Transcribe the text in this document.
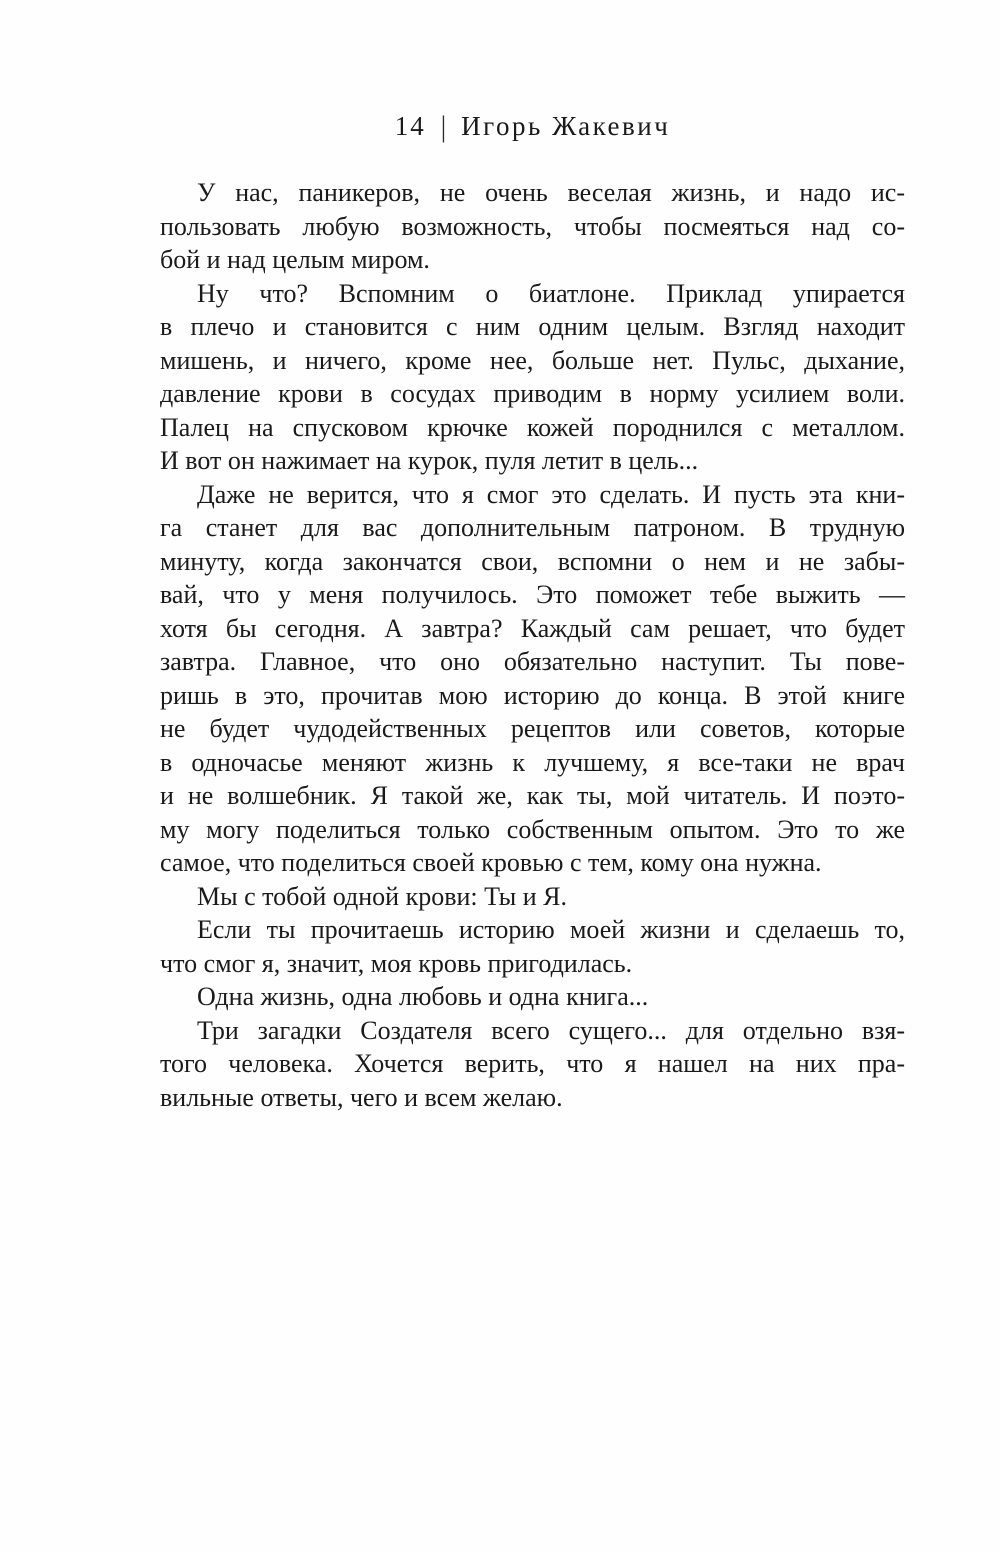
14 | Игорь Жакевич
У нас, паникеров, не очень веселая жизнь, и надо ис-
пользовать любую возможность, чтобы посмеяться над со-
бой и над целым миром.
Ну что? Вспомним о биатлоне. Приклад упирается
в плечо и становится с ним одним целым. Взгляд находит
мишень, и ничего, кроме нее, больше нет. Пульс, дыхание,
давление крови в сосудах приводим в норму усилием воли.
Палец на спусковом крючке кожей породнился с металлом.
И вот он нажимает на курок, пуля летит в цель...
Даже не верится, что я смог это сделать. И пусть эта кни-
га станет для вас дополнительным патроном. В трудную
минуту, когда закончатся свои, вспомни о нем и не забы-
вай, что у меня получилось. Это поможет тебе выжить —
хотя бы сегодня. А завтра? Каждый сам решает, что будет
завтра. Главное, что оно обязательно наступит. Ты пове-
ришь в это, прочитав мою историю до конца. В этой книге
не будет чудодейственных рецептов или советов, которые
в одночасье меняют жизнь к лучшему, я все-таки не врач
и не волшебник. Я такой же, как ты, мой читатель. И поэто-
му могу поделиться только собственным опытом. Это то же
самое, что поделиться своей кровью с тем, кому она нужна.
Мы с тобой одной крови: Ты и Я.
Если ты прочитаешь историю моей жизни и сделаешь то,
что смог я, значит, моя кровь пригодилась.
Одна жизнь, одна любовь и одна книга...
Три загадки Создателя всего сущего... для отдельно взя-
того человека. Хочется верить, что я нашел на них пра-
вильные ответы, чего и всем желаю.
